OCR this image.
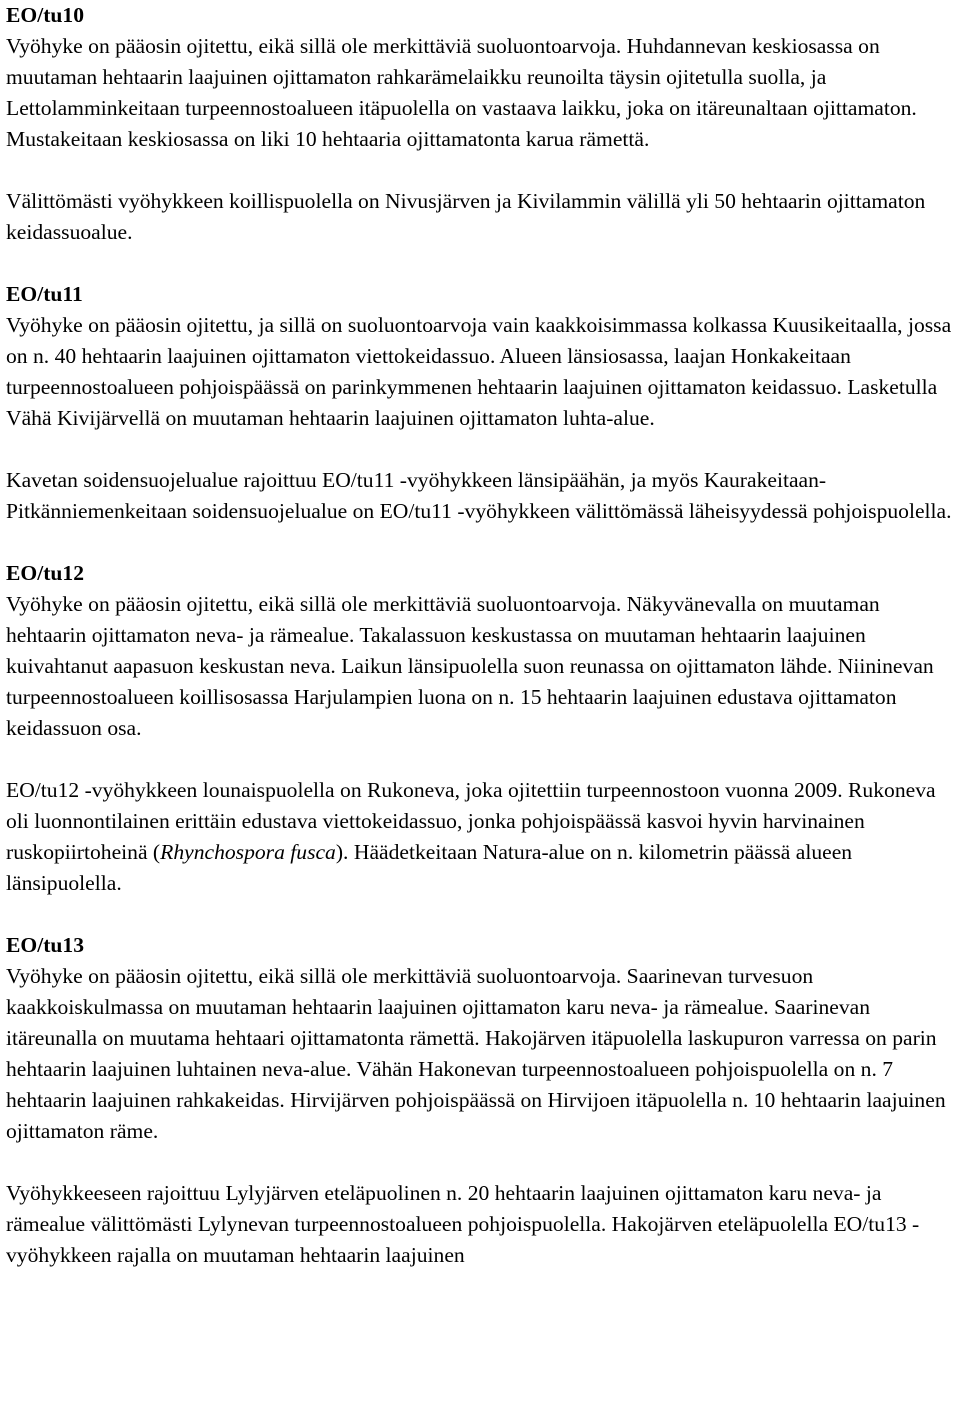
EO/tu10

Vyöhyke on pääosin ojitettu, eikä sillä ole merkittäviä suoluontoarvoja. Huhdannevan keskiosassa on muutaman hehtaarin laajuinen ojittamaton rahkarämelaikku reunoilta täysin ojitetulla suolla, ja Lettolamminkeitaan turpeennostoalueen itäpuolella on vastaava laikku, joka on itäreunaltaan ojittamaton. Mustakeitaan keskiosassa on liki 10 hehtaaria ojittamatonta karua rämettä.

Välittömästi vyöhykkeen koillispuolella on Nivusjärven ja Kivilammin välillä yli 50 hehtaarin ojittamaton keidassuoalue.

EO/tu11

Vyöhyke on pääosin ojitettu, ja sillä on suoluontoarvoja vain kaakkoisimmassa kolkassa Kuusikeitaalla, jossa on n. 40 hehtaarin laajuinen ojittamaton viettokeidassuo. Alueen länsiosassa, laajan Honkakeitaan turpeennostoalueen pohjoispäässä on parinkymmenen hehtaarin laajuinen ojittamaton keidassuo. Lasketulla Vähä Kivijärvellä on muutaman hehtaarin laajuinen ojittamaton luhta-alue.

Kavetan soidensuojelualue rajoittuu EO/tu11 -vyöhykkeen länsipäähän, ja myös Kaurakeitaan-Pitkänniemenkeitaan soidensuojelualue on EO/tu11 -vyöhykkeen välittömässä läheisyydessä pohjoispuolella.

EO/tu12

Vyöhyke on pääosin ojitettu, eikä sillä ole merkittäviä suoluontoarvoja. Näkyvänevalla on muutaman hehtaarin ojittamaton neva- ja rämealue. Takalassuon keskustassa on muutaman hehtaarin laajuinen kuivahtanut aapasuon keskustan neva. Laikun länsipuolella suon reunassa on ojittamaton lähde. Niininevan turpeennostoalueen koillisosassa Harjulampien luona on n. 15 hehtaarin laajuinen edustava ojittamaton keidassuon osa.

EO/tu12 -vyöhykkeen lounaispuolella on Rukoneva, joka ojitettiin turpeennostoon vuonna 2009. Rukoneva oli luonnontilainen erittäin edustava viettokeidassuo, jonka pohjoispäässä kasvoi hyvin harvinainen ruskopiirtoheinä (Rhynchospora fusca). Häädetkeitaan Natura-alue on n. kilometrin päässä alueen länsipuolella.

EO/tu13

Vyöhyke on pääosin ojitettu, eikä sillä ole merkittäviä suoluontoarvoja. Saarinevan turvesuon kaakkoiskulmassa on muutaman hehtaarin laajuinen ojittamaton karu neva- ja rämealue. Saarinevan itäreunalla on muutama hehtaari ojittamatonta rämettä. Hakojärven itäpuolella laskupuron varressa on parin hehtaarin laajuinen luhtainen neva-alue. Vähän Hakonevan turpeennostoalueen pohjoispuolella on n. 7 hehtaarin laajuinen rahkakeidas. Hirvijärven pohjoispäässä on Hirvijoen itäpuolella n. 10 hehtaarin laajuinen ojittamaton räme.

Vyöhykkeeseen rajoittuu Lylyjärven eteläpuolinen n. 20 hehtaarin laajuinen ojittamaton karu neva- ja rämealue välittömästi Lylynevan turpeennostoalueen pohjoispuolella. Hakojärven eteläpuolella EO/tu13 -vyöhykkeen rajalla on muutaman hehtaarin laajuinen
